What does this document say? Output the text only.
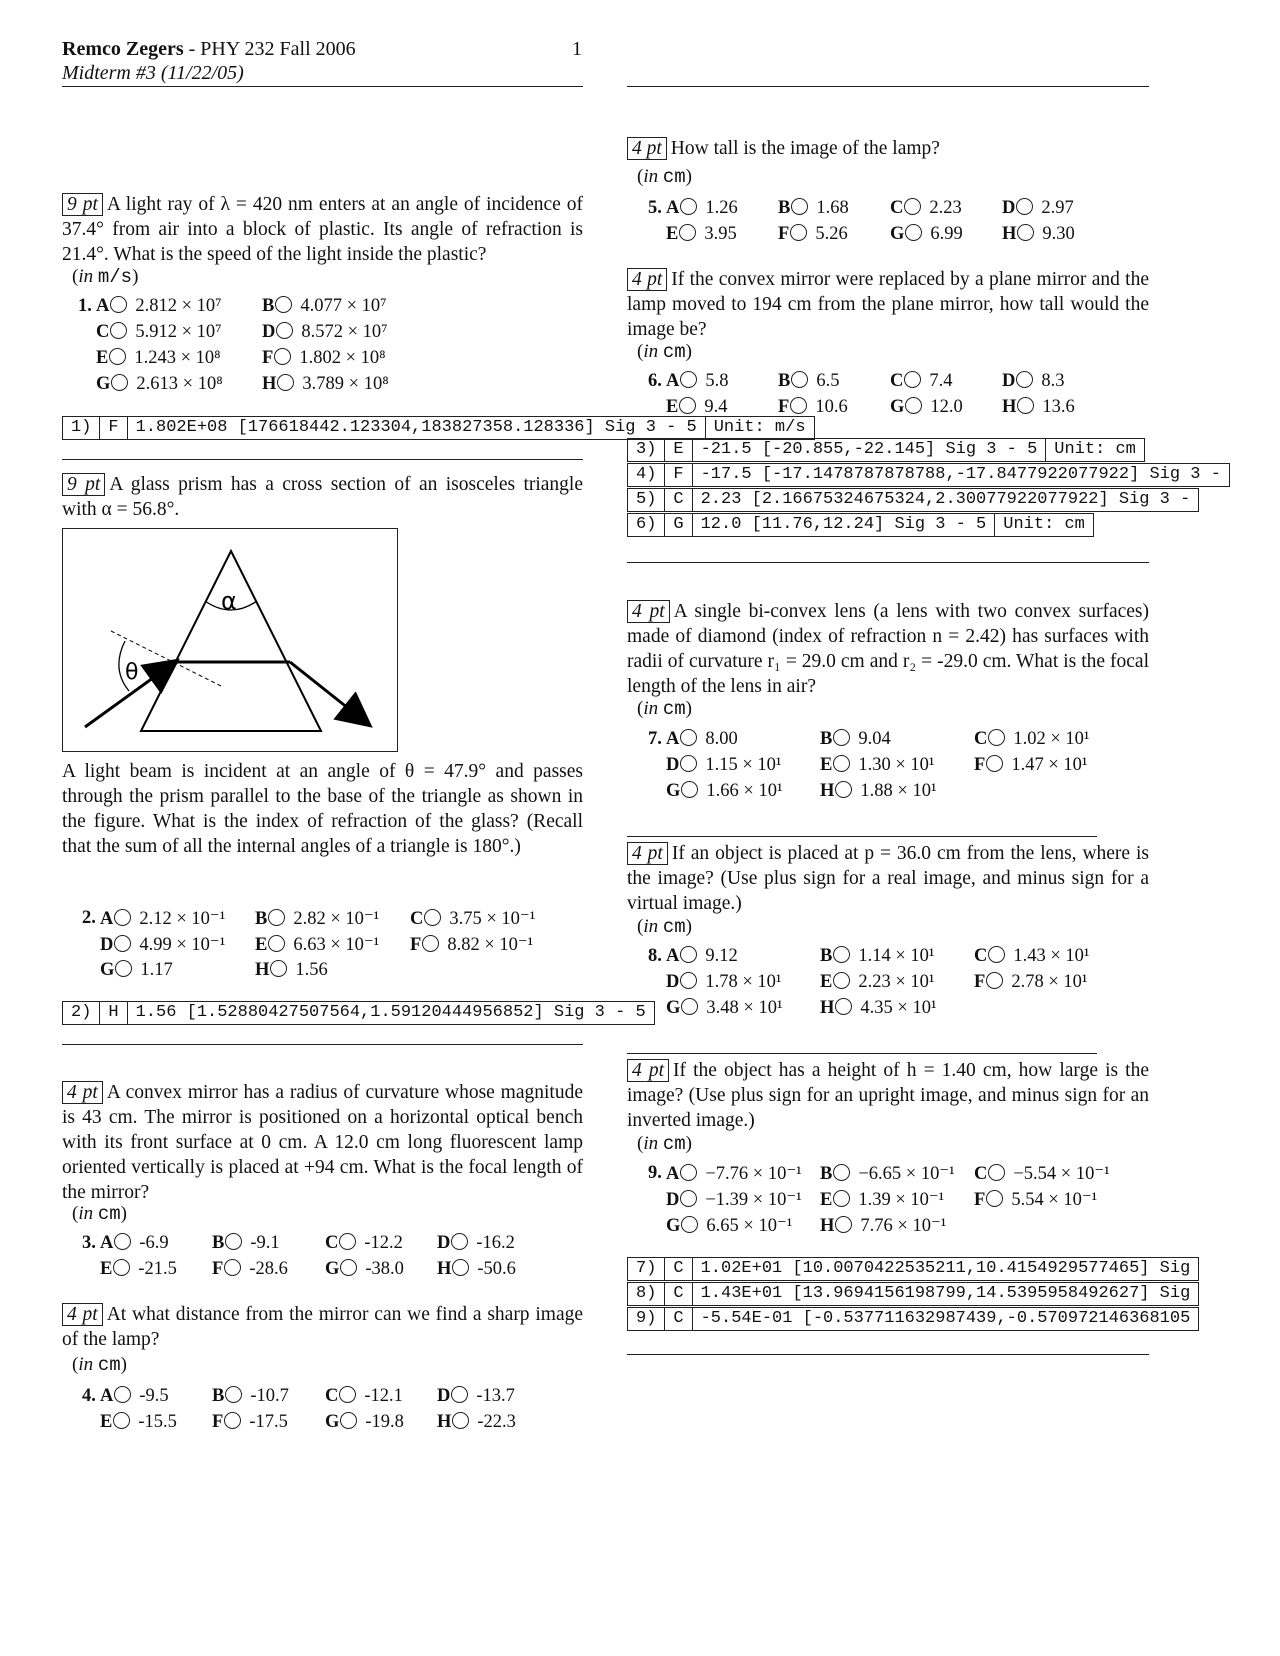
Remco Zegers - PHY 232 Fall 2006	1
Midterm #3 (11/22/05)
9 pt A light ray of λ = 420 nm enters at an angle of incidence of 37.4° from air into a block of plastic. Its angle of refraction is 21.4°. What is the speed of the light inside the plastic?
(in m/s)
1. A 2.812 × 10⁷ B 4.077 × 10⁷
C 5.912 × 10⁷ D 8.572 × 10⁷
E 1.243 × 10⁸ F 1.802 × 10⁸
G 2.613 × 10⁸ H 3.789 × 10⁸
1) F 1.802E+08 [176618442.123304,183827358.128336] Sig 3 - 5 Unit: m/s
9 pt A glass prism has a cross section of an isosceles triangle with α = 56.8°.
α
θ
A light beam is incident at an angle of θ = 47.9° and passes through the prism parallel to the base of the triangle as shown in the figure. What is the index of refraction of the glass? (Recall that the sum of all the internal angles of a triangle is 180°.)
2. A 2.12 × 10⁻¹ B 2.82 × 10⁻¹ C 3.75 × 10⁻¹
D 4.99 × 10⁻¹ E 6.63 × 10⁻¹ F 8.82 × 10⁻¹
G 1.17	H 1.56
2) H 1.56 [1.52880427507564,1.59120444956852] Sig 3 - 5
4 pt A convex mirror has a radius of curvature whose magnitude is 43 cm. The mirror is positioned on a horizontal optical bench with its front surface at 0 cm. A 12.0 cm long fluorescent lamp oriented vertically is placed at +94 cm. What is the focal length of the mirror?
(in cm)
3. A -6.9 B -9.1 C -12.2 D -16.2
E -21.5 F -28.6 G -38.0 H -50.6
4 pt At what distance from the mirror can we find a sharp image of the lamp?
(in cm)
4. A -9.5 B -10.7 C -12.1 D -13.7
E -15.5 F -17.5 G -19.8 H -22.3
4 pt How tall is the image of the lamp?
(in cm)
5. A 1.26 B 1.68 C 2.23 D 2.97
E 3.95 F 5.26 G 6.99 H 9.30
4 pt If the convex mirror were replaced by a plane mirror and the lamp moved to 194 cm from the plane mirror, how tall would the image be?
(in cm)
6. A 5.8	B 6.5	C 7.4	D 8.3
E 9.4	F 10.6 G 12.0 H 13.6
3) E -21.5 [-20.855,-22.145] Sig 3 - 5 Unit: cm
4) F -17.5 [-17.1478787878788,-17.8477922077922] Sig 3 -
5) C 2.23 [2.16675324675324,2.30077922077922] Sig 3 -
6) G 12.0 [11.76,12.24] Sig 3 - 5 Unit: cm
4 pt A single bi-convex lens (a lens with two convex surfaces) made of diamond (index of refraction n = 2.42) has surfaces with radii of curvature r₁ = 29.0 cm and r₂ = -29.0 cm. What is the focal length of the lens in air?
(in cm)
7. A 8.00	B 9.04	C 1.02 × 10¹
D 1.15 × 10¹ E 1.30 × 10¹ F 1.47 × 10¹
G 1.66 × 10¹ H 1.88 × 10¹
4 pt If an object is placed at p = 36.0 cm from the lens, where is the image? (Use plus sign for a real image, and minus sign for a virtual image.)
(in cm)
8. A 9.12	B 1.14 × 10¹ C 1.43 × 10¹
D 1.78 × 10¹ E 2.23 × 10¹ F 2.78 × 10¹
G 3.48 × 10¹ H 4.35 × 10¹
4 pt If the object has a height of h = 1.40 cm, how large is the image? (Use plus sign for an upright image, and minus sign for an inverted image.)
(in cm)
9. A −7.76 × 10⁻¹ B −6.65 × 10⁻¹ C −5.54 × 10⁻¹
D −1.39 × 10⁻¹ E 1.39 × 10⁻¹ F 5.54 × 10⁻¹
G 6.65 × 10⁻¹ H 7.76 × 10⁻¹
7) C 1.02E+01 [10.0070422535211,10.4154929577465] Sig
8) C 1.43E+01 [13.9694156198799,14.5395958492627] Sig
9) C -5.54E-01 [-0.537711632987439,-0.570972146368105
